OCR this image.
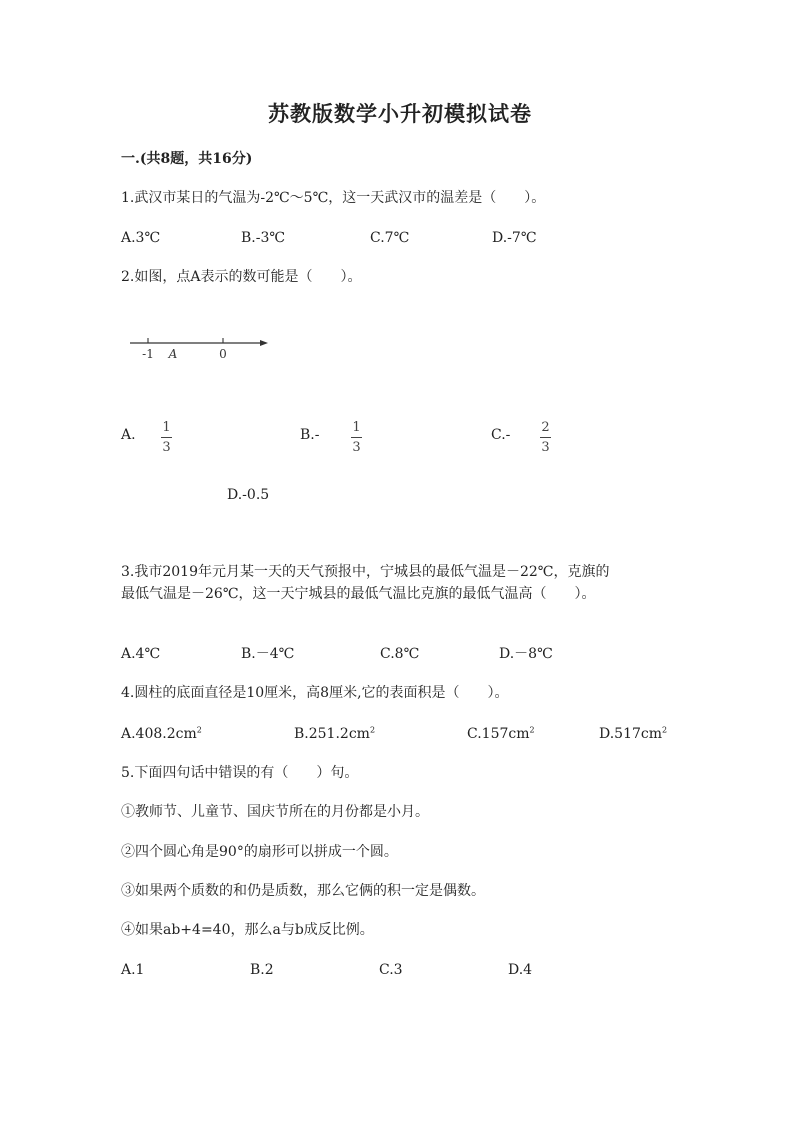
苏教版数学小升初模拟试卷
一.(共8题，共16分)
1.武汉市某日的气温为-2℃～5℃，这一天武汉市的温差是（　　）。
A.3℃	B.-3℃	C.7℃	D.-7℃
2.如图，点A表示的数可能是（　　）。
-1 A	0
A. 1
3
B.-	1
3
C.- 2
3
D.-0.5
3.我市2019年元月某一天的天气预报中，宁城县的最低气温是－22℃，克旗的
最低气温是－26℃，这一天宁城县的最低气温比克旗的最低气温高（　　）。
A.4℃	B.－4℃	C.8℃	D.－8℃
4.圆柱的底面直径是10厘米，高8厘米,它的表面积是（　　）。
$A.408.2cm^2$	$B.251.2cm^2$	$C.157cm^2$	$D.517cm^2$
5.下面四句话中错误的有（　　）句。
①教师节、儿童节、国庆节所在的月份都是小月。
②四个圆心角是90°的扇形可以拼成一个圆。
③如果两个质数的和仍是质数，那么它俩的积一定是偶数。
④如果ab+4=40，那么a与b成反比例。
A.1	B.2	C.3	D.4
